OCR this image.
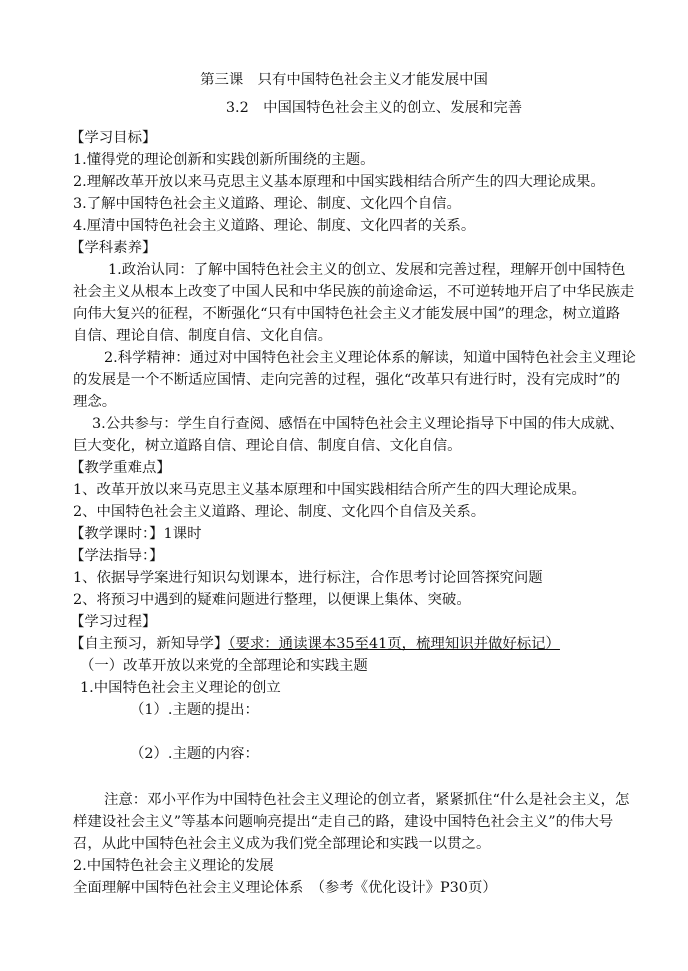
第三课　只有中国特色社会主义才能发展中国
3.2　中国国特色社会主义的创立、发展和完善
【学习目标】
1.懂得党的理论创新和实践创新所围绕的主题。
2.理解改革开放以来马克思主义基本原理和中国实践相结合所产生的四大理论成果。
3.了解中国特色社会主义道路、理论、制度、文化四个自信。
4.厘清中国特色社会主义道路、理论、制度、文化四者的关系。
【学科素养】
1.政治认同：了解中国特色社会主义的创立、发展和完善过程，理解开创中国特色
社会主义从根本上改变了中国人民和中华民族的前途命运，不可逆转地开启了中华民族走
向伟大复兴的征程，不断强化“只有中国特色社会主义才能发展中国”的理念，树立道路
自信、理论自信、制度自信、文化自信。
2.科学精神：通过对中国特色社会主义理论体系的解读，知道中国特色社会主义理论
的发展是一个不断适应国情、走向完善的过程，强化“改革只有进行时，没有完成时”的
理念。
3.公共参与：学生自行查阅、感悟在中国特色社会主义理论指导下中国的伟大成就、
巨大变化，树立道路自信、理论自信、制度自信、文化自信。
【教学重难点】
1、改革开放以来马克思主义基本原理和中国实践相结合所产生的四大理论成果。
2、中国特色社会主义道路、理论、制度、文化四个自信及关系。
【教学课时：】1课时
【学法指导：】
1、依据导学案进行知识勾划课本，进行标注，合作思考讨论回答探究问题
2、将预习中遇到的疑难问题进行整理，以便课上集体、突破。
【学习过程】
【自主预习，新知导学】（要求：通读课本35至41页，梳理知识并做好标记）
（一）改革开放以来党的全部理论和实践主题
1.中国特色社会主义理论的创立
（1）.主题的提出：
（2）.主题的内容：
注意：邓小平作为中国特色社会主义理论的创立者，紧紧抓住“什么是社会主义，怎
样建设社会主义”等基本问题响亮提出“走自己的路，建设中国特色社会主义”的伟大号
召，从此中国特色社会主义成为我们党全部理论和实践一以贯之。
2.中国特色社会主义理论的发展
全面理解中国特色社会主义理论体系　（参考《优化设计》P30页）
